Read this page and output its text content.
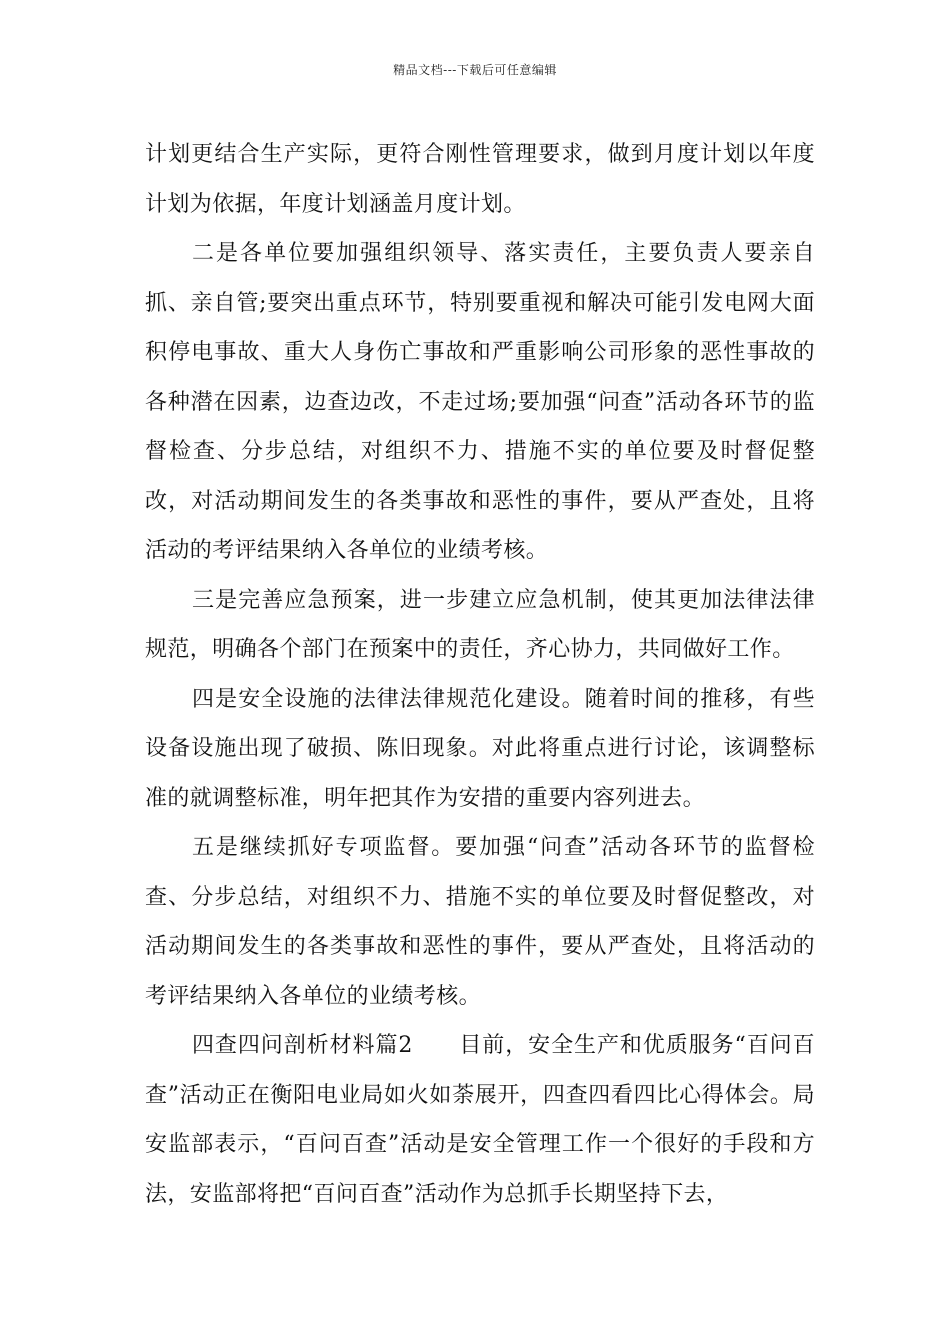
精品文档---下载后可任意编辑

计划更结合生产实际，更符合刚性管理要求，做到月度计划以年度计划为依据，年度计划涵盖月度计划。

二是各单位要加强组织领导、落实责任，主要负责人要亲自抓、亲自管;要突出重点环节，特别要重视和解决可能引发电网大面积停电事故、重大人身伤亡事故和严重影响公司形象的恶性事故的各种潜在因素，边查边改，不走过场;要加强“问查”活动各环节的监督检查、分步总结，对组织不力、措施不实的单位要及时督促整改，对活动期间发生的各类事故和恶性的事件，要从严查处，且将活动的考评结果纳入各单位的业绩考核。

三是完善应急预案，进一步建立应急机制，使其更加法律法律规范，明确各个部门在预案中的责任，齐心协力，共同做好工作。

四是安全设施的法律法律规范化建设。随着时间的推移，有些设备设施出现了破损、陈旧现象。对此将重点进行讨论，该调整标准的就调整标准，明年把其作为安措的重要内容列进去。

五是继续抓好专项监督。要加强“问查”活动各环节的监督检查、分步总结，对组织不力、措施不实的单位要及时督促整改，对活动期间发生的各类事故和恶性的事件，要从严查处，且将活动的考评结果纳入各单位的业绩考核。

四查四问剖析材料篇2 目前，安全生产和优质服务“百问百查”活动正在衡阳电业局如火如荼展开，四查四看四比心得体会。局安监部表示，“百问百查”活动是安全管理工作一个很好的手段和方法，安监部将把“百问百查”活动作为总抓手长期坚持下去，
